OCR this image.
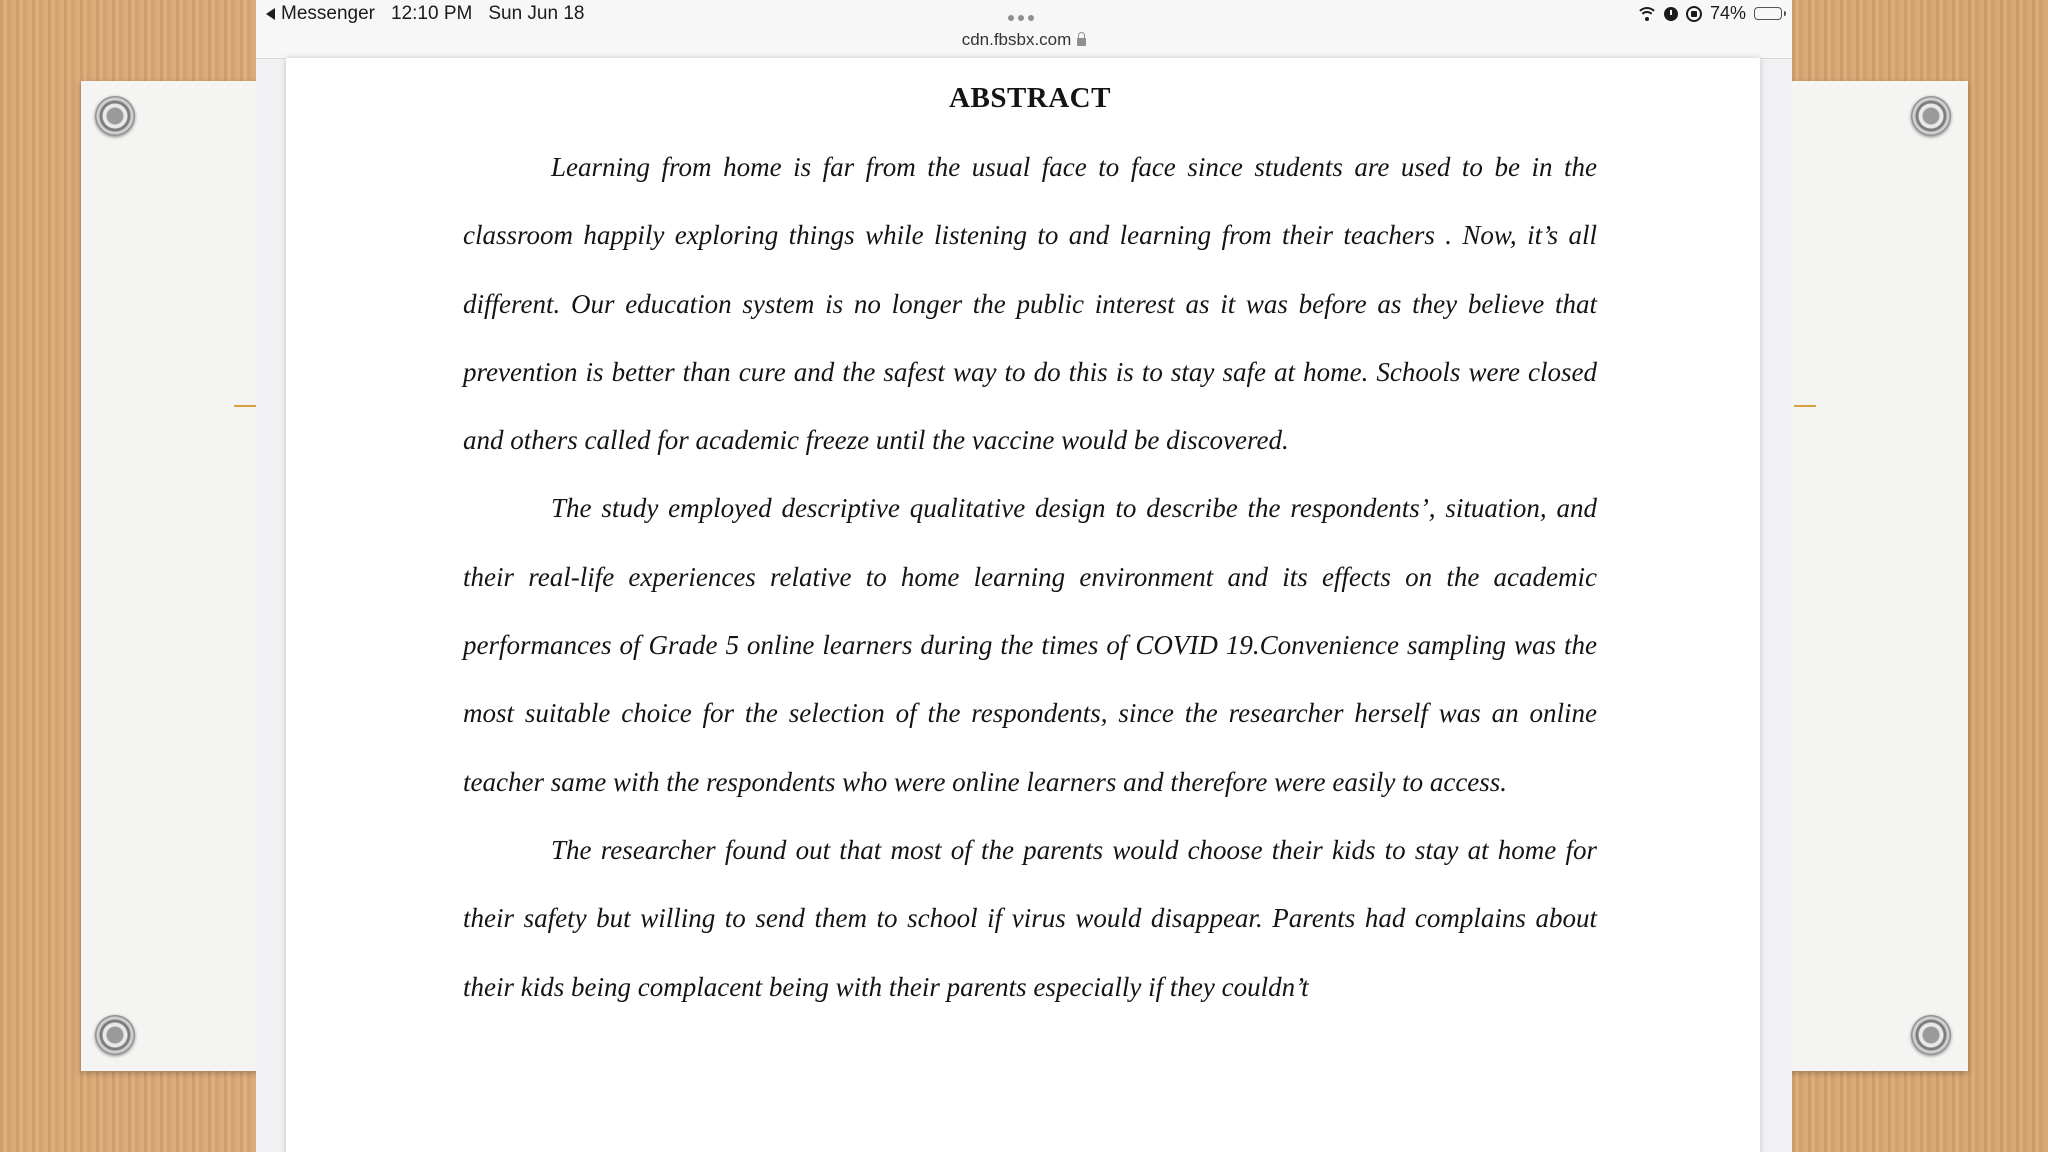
Messenger 12:10 PM Sun Jun 18
cdn.fbsbx.com
74%
ABSTRACT

Learning from home is far from the usual face to face since students are used to be in the classroom happily exploring things while listening to and learning from their teachers . Now, it’s all different. Our education system is no longer the public interest as it was before as they believe that prevention is better than cure and the safest way to do this is to stay safe at home. Schools were closed and others called for academic freeze until the vaccine would be discovered.

The study employed descriptive qualitative design to describe the respondents’, situation, and their real-life experiences relative to home learning environment and its effects on the academic performances of Grade 5 online learners during the times of COVID 19.Convenience sampling was the most suitable choice for the selection of the respondents, since the researcher herself was an online teacher same with the respondents who were online learners and therefore were easily to access.

The researcher found out that most of the parents would choose their kids to stay at home for their safety but willing to send them to school if virus would disappear. Parents had complains about their kids being complacent being with their parents especially if they couldn’t
